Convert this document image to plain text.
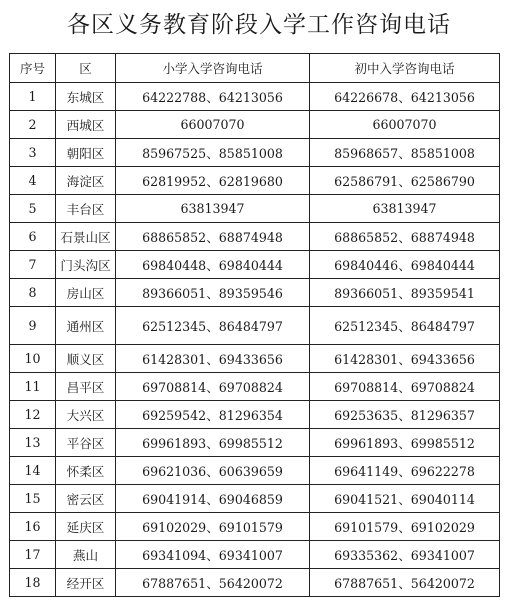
各区义务教育阶段入学工作咨询电话
序号	区	小学入学咨询电话	初中入学咨询电话
1	东城区	64222788、64213056	64226678、64213056
2	西城区	66007070	66007070
3	朝阳区	85967525、85851008	85968657、85851008
4	海淀区	62819952、62819680	62586791、62586790
5	丰台区	63813947	63813947
6	石景山区	68865852、68874948	68865852、68874948
7	门头沟区	69840448、69840444	69840446、69840444
8	房山区	89366051、89359546	89366051、89359541
9	通州区	62512345、86484797	62512345、86484797
10	顺义区	61428301、69433656	61428301、69433656
11	昌平区	69708814、69708824	69708814、69708824
12	大兴区	69259542、81296354	69253635、81296357
13	平谷区	69961893、69985512	69961893、69985512
14	怀柔区	69621036、60639659	69641149、69622278
15	密云区	69041914、69046859	69041521、69040114
16	延庆区	69102029、69101579	69101579、69102029
17	燕山	69341094、69341007	69335362、69341007
18	经开区	67887651、56420072	67887651、56420072
